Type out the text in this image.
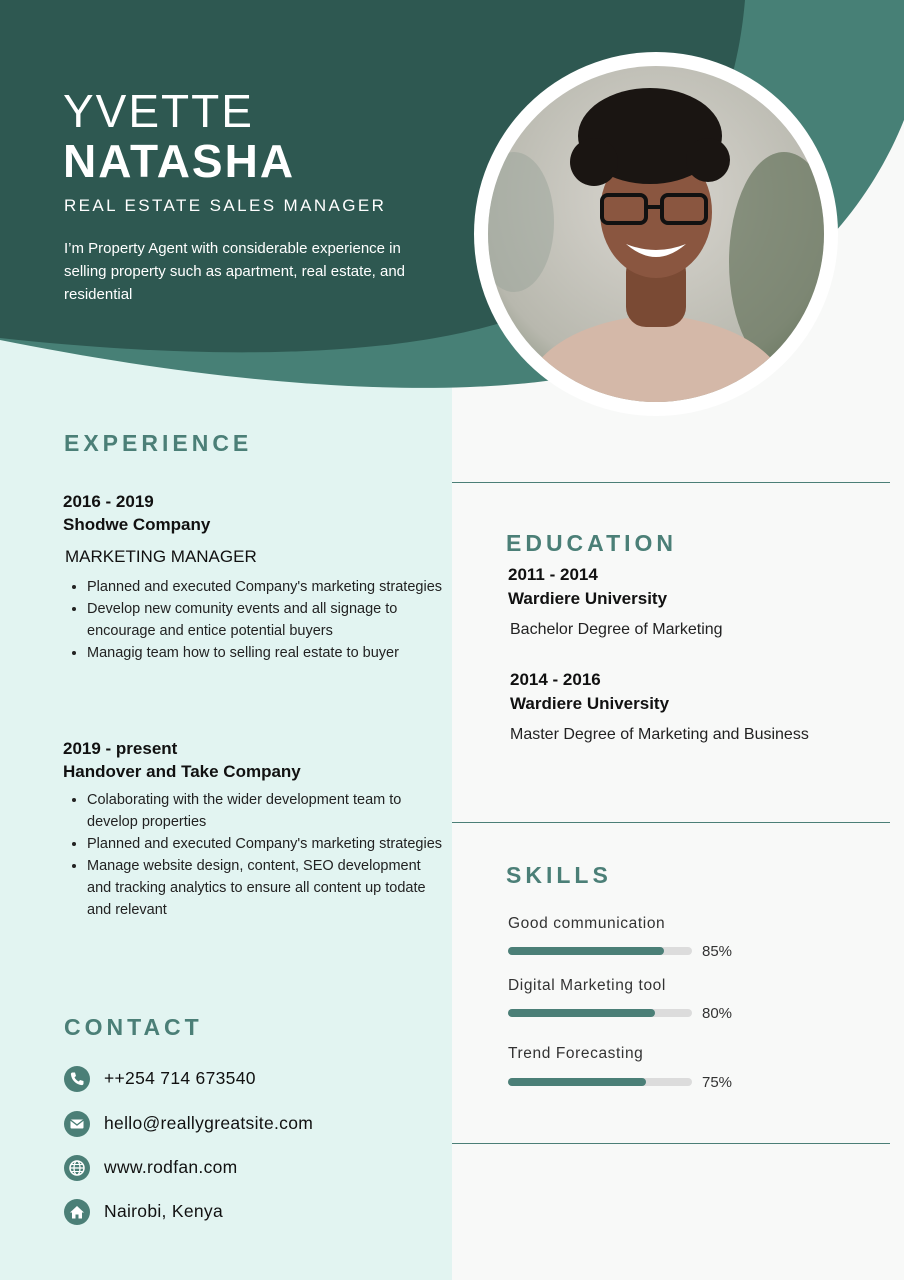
YVETTE
NATASHA
REAL ESTATE SALES MANAGER
I’m Property Agent with considerable experience in selling property such as apartment, real estate, and residential
EXPERIENCE
2016 - 2019
Shodwe Company
MARKETING MANAGER
• Planned and executed Company's marketing strategies
• Develop new comunity events and all signage to encourage and entice potential buyers
• Managig team how to selling real estate to buyer
2019 - present
Handover and Take Company
• Colaborating with the wider development team to develop properties
• Planned and executed Company's marketing strategies
• Manage website design, content, SEO development and tracking analytics to ensure all content up todate and relevant
CONTACT
++254 714 673540
hello@reallygreatsite.com
www.rodfan.com
Nairobi, Kenya
EDUCATION
2011 - 2014
Wardiere University
Bachelor Degree of Marketing
2014 - 2016
Wardiere University
Master Degree of Marketing and Business
SKILLS
Good communication
85%
Digital Marketing tool
80%
Trend Forecasting
75%
